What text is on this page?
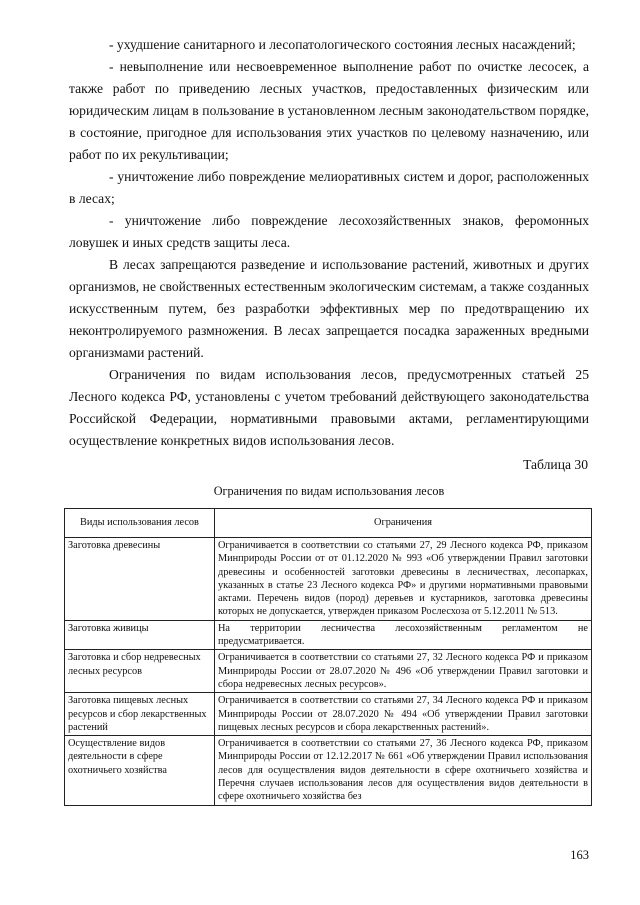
- ухудшение санитарного и лесопатологического состояния лесных насаждений;

- невыполнение или несвоевременное выполнение работ по очистке лесосек, а также работ по приведению лесных участков, предоставленных физическим или юридическим лицам в пользование в установленном лесным законодательством порядке, в состояние, пригодное для использования этих участков по целевому назначению, или работ по их рекультивации;

- уничтожение либо повреждение мелиоративных систем и дорог, расположенных в лесах;

- уничтожение либо повреждение лесохозяйственных знаков, феромонных ловушек и иных средств защиты леса.

В лесах запрещаются разведение и использование растений, животных и других организмов, не свойственных естественным экологическим системам, а также созданных искусственным путем, без разработки эффективных мер по предотвращению их неконтролируемого размножения. В лесах запрещается посадка зараженных вредными организмами растений.

Ограничения по видам использования лесов, предусмотренных статьей 25 Лесного кодекса РФ, установлены с учетом требований действующего законодательства Российской Федерации, нормативными правовыми актами, регламентирующими осуществление конкретных видов использования лесов.

Таблица 30
Ограничения по видам использования лесов
Виды использования лесов	Ограничения
Заготовка древесины	Ограничивается в соответствии со статьями 27, 29 Лесного кодекса РФ, приказом Минприроды России от от 01.12.2020 № 993 «Об утверждении Правил заготовки древесины и особенностей заготовки древесины в лесничествах, лесопарках, указанных в статье 23 Лесного кодекса РФ» и другими нормативными правовыми актами. Перечень видов (пород) деревьев и кустарников, заготовка древесины которых не допускается, утвержден приказом Рослесхоза от 5.12.2011 № 513.
Заготовка живицы	На территории лесничества лесохозяйственным регламентом не предусматривается.
Заготовка и сбор недревесных лесных ресурсов	Ограничивается в соответствии со статьями 27, 32 Лесного кодекса РФ и приказом Минприроды России от 28.07.2020 № 496 «Об утверждении Правил заготовки и сбора недревесных лесных ресурсов».
Заготовка пищевых лесных ресурсов и сбор лекарственных растений	Ограничивается в соответствии со статьями 27, 34 Лесного кодекса РФ и приказом Минприроды России от 28.07.2020 № 494 «Об утверждении Правил заготовки пищевых лесных ресурсов и сбора лекарственных растений».
Осуществление видов деятельности в сфере охотничьего хозяйства	Ограничивается в соответствии со статьями 27, 36 Лесного кодекса РФ, приказом Минприроды России от 12.12.2017 № 661 «Об утверждении Правил использования лесов для осуществления видов деятельности в сфере охотничьего хозяйства и Перечня случаев использования лесов для осуществления видов деятельности в сфере охотничьего хозяйства без
163
